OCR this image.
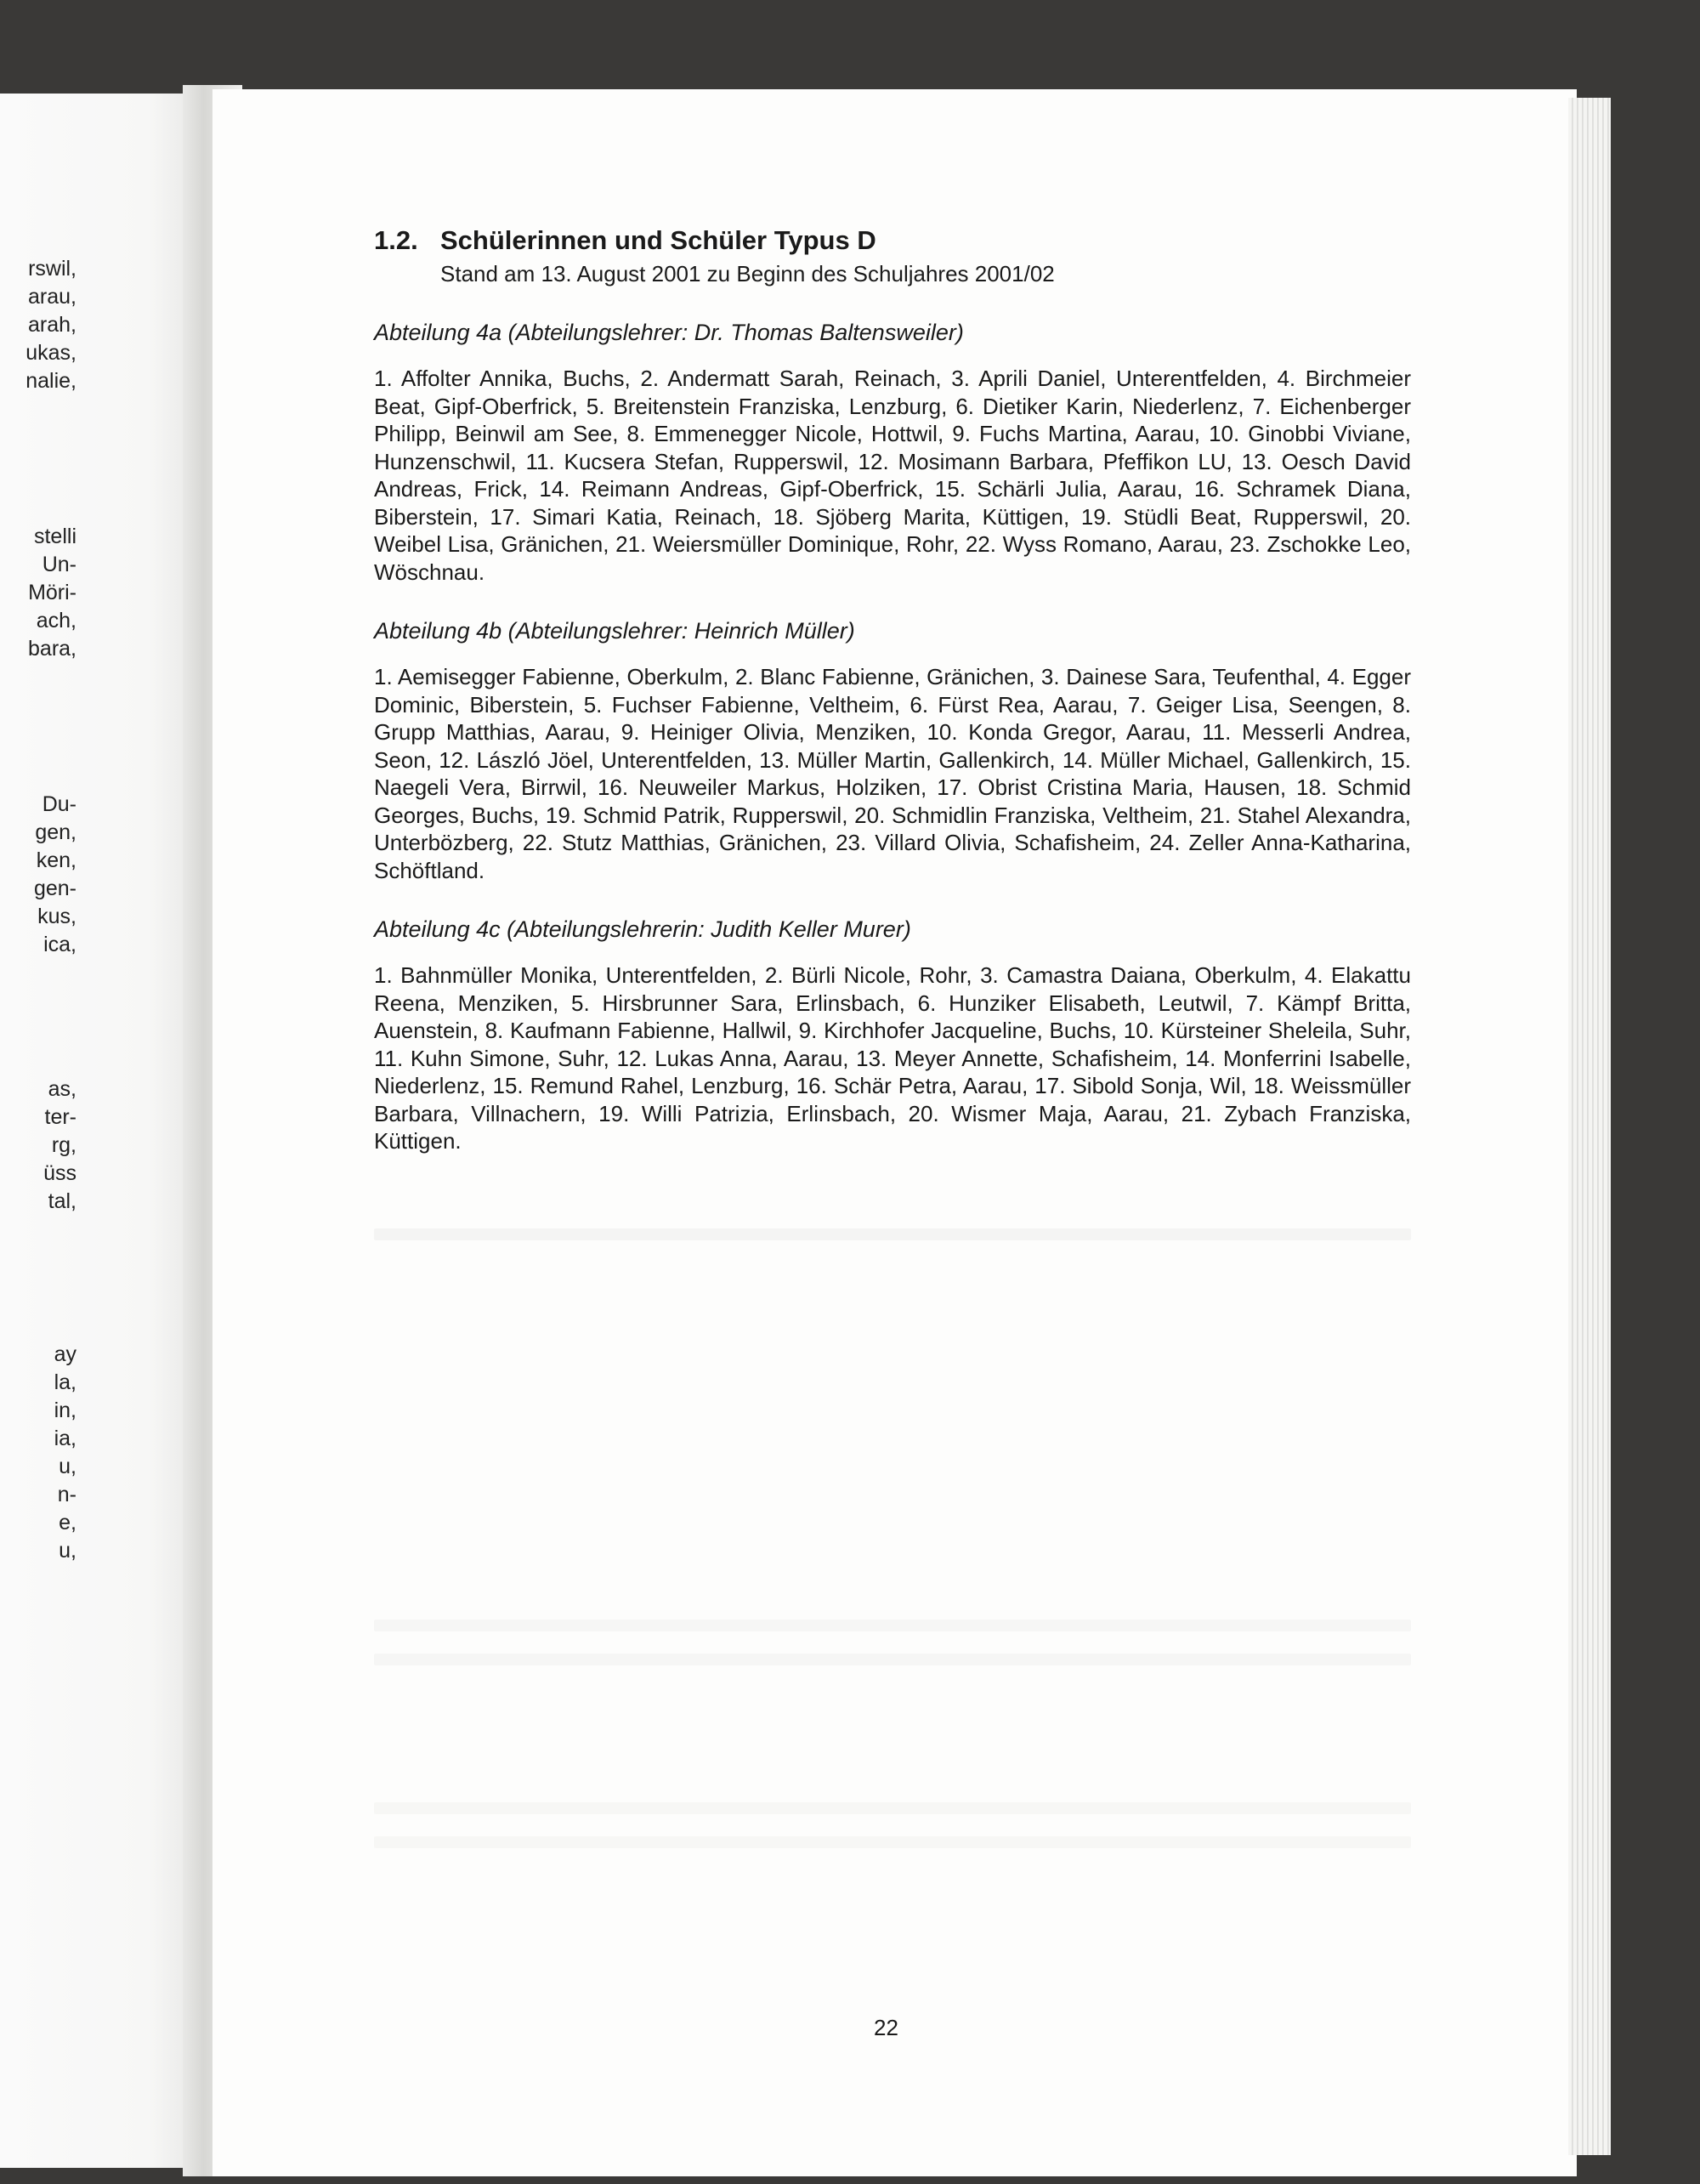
rswil,
arau,
arah,
ukas,
nalie,
stelli
Un-
Möri-
ach,
bara,
Du-
gen,
ken,
gen-
kus,
ica,
as,
ter-
rg,
üss
tal,
ay
la,
in,
ia,
u,
n-
e,
u,
1.2. Schülerinnen und Schüler Typus D
Stand am 13. August 2001 zu Beginn des Schuljahres 2001/02
Abteilung 4a (Abteilungslehrer: Dr. Thomas Baltensweiler)
1. Affolter Annika, Buchs, 2. Andermatt Sarah, Reinach, 3. Aprili Daniel, Unterentfelden, 4. Birchmeier Beat, Gipf-Oberfrick, 5. Breitenstein Franziska, Lenzburg, 6. Dietiker Karin, Niederlenz, 7. Eichenberger Philipp, Beinwil am See, 8. Emmenegger Nicole, Hottwil, 9. Fuchs Martina, Aarau, 10. Ginobbi Viviane, Hunzenschwil, 11. Kucsera Stefan, Rupperswil, 12. Mosimann Barbara, Pfeffikon LU, 13. Oesch David Andreas, Frick, 14. Reimann Andreas, Gipf-Oberfrick, 15. Schärli Julia, Aarau, 16. Schramek Diana, Biberstein, 17. Simari Katia, Reinach, 18. Sjöberg Marita, Küttigen, 19. Stüdli Beat, Rupperswil, 20. Weibel Lisa, Gränichen, 21. Weiersmüller Dominique, Rohr, 22. Wyss Romano, Aarau, 23. Zschokke Leo, Wöschnau.
Abteilung 4b (Abteilungslehrer: Heinrich Müller)
1. Aemisegger Fabienne, Oberkulm, 2. Blanc Fabienne, Gränichen, 3. Dainese Sara, Teufenthal, 4. Egger Dominic, Biberstein, 5. Fuchser Fabienne, Veltheim, 6. Fürst Rea, Aarau, 7. Geiger Lisa, Seengen, 8. Grupp Matthias, Aarau, 9. Heiniger Olivia, Menziken, 10. Konda Gregor, Aarau, 11. Messerli Andrea, Seon, 12. László Jöel, Unterentfelden, 13. Müller Martin, Gallenkirch, 14. Müller Michael, Gallenkirch, 15. Naegeli Vera, Birrwil, 16. Neuweiler Markus, Holziken, 17. Obrist Cristina Maria, Hausen, 18. Schmid Georges, Buchs, 19. Schmid Patrik, Rupperswil, 20. Schmidlin Franziska, Veltheim, 21. Stahel Alexandra, Unterbözberg, 22. Stutz Matthias, Gränichen, 23. Villard Olivia, Schafisheim, 24. Zeller Anna-Katharina, Schöftland.
Abteilung 4c (Abteilungslehrerin: Judith Keller Murer)
1. Bahnmüller Monika, Unterentfelden, 2. Bürli Nicole, Rohr, 3. Camastra Daiana, Oberkulm, 4. Elakattu Reena, Menziken, 5. Hirsbrunner Sara, Erlinsbach, 6. Hunziker Elisabeth, Leutwil, 7. Kämpf Britta, Auenstein, 8. Kaufmann Fabienne, Hallwil, 9. Kirchhofer Jacqueline, Buchs, 10. Kürsteiner Sheleila, Suhr, 11. Kuhn Simone, Suhr, 12. Lukas Anna, Aarau, 13. Meyer Annette, Schafisheim, 14. Monferrini Isabelle, Niederlenz, 15. Remund Rahel, Lenzburg, 16. Schär Petra, Aarau, 17. Sibold Sonja, Wil, 18. Weissmüller Barbara, Villnachern, 19. Willi Patrizia, Erlinsbach, 20. Wismer Maja, Aarau, 21. Zybach Franziska, Küttigen.
22
